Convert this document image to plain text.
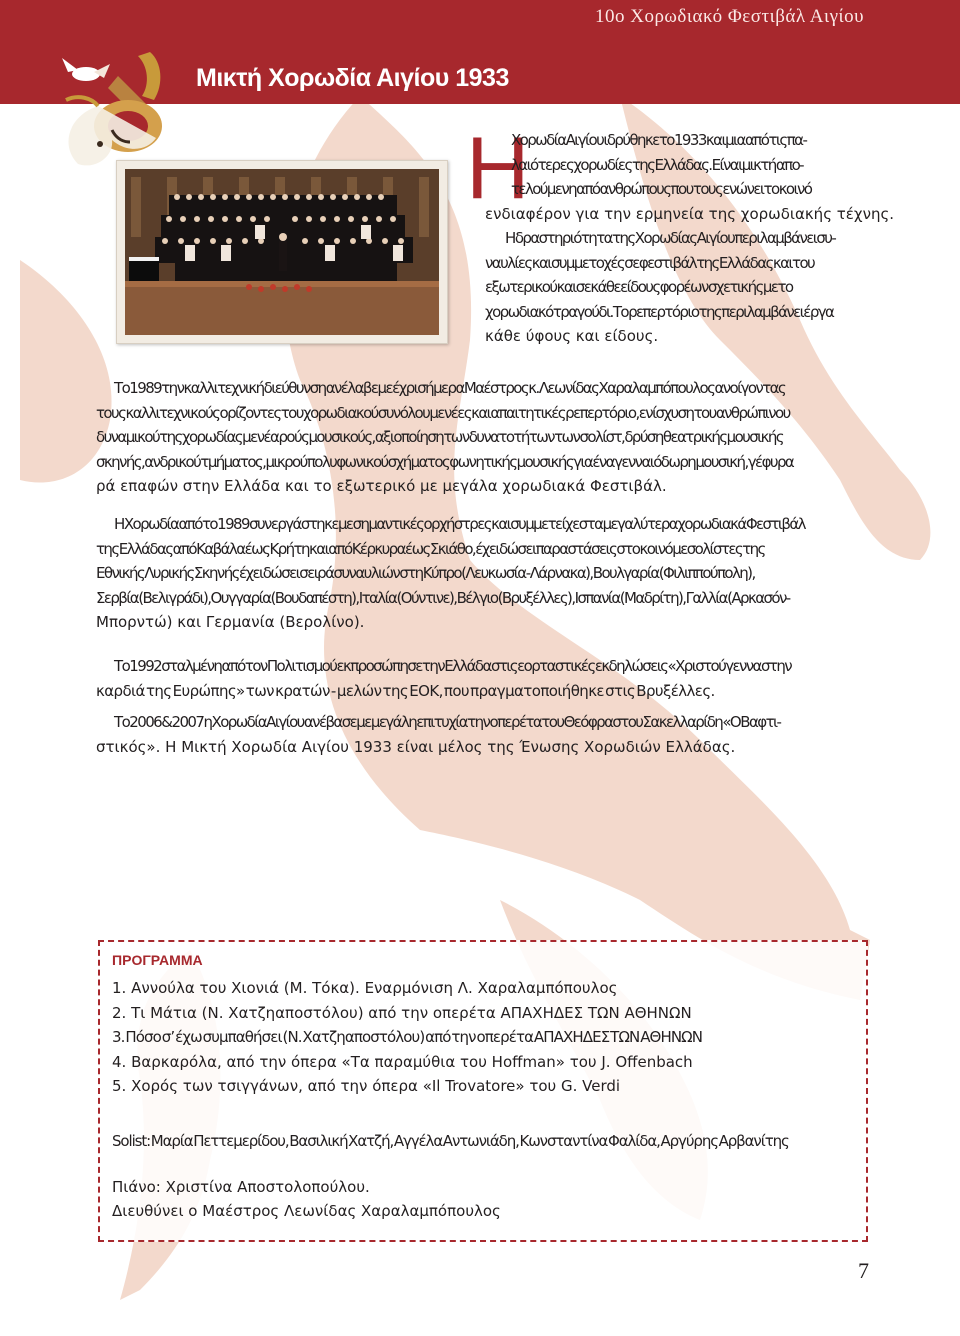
10ο Χορωδιακό Φεστιβάλ Αιγίου
Μικτή Χορωδία Αιγίου 1933
Η
Χορωδία Αιγίου ιδρύθηκε το 1933 και μια από τις πα-
λαιότερες χορωδίες της Ελλάδας. Είναι μικτή απο-
τελούμενη από ανθρώπους που τους ενώνει το κοινό
ενδιαφέρον για την ερμηνεία της χορωδιακής τέχνης.
Η δραστηριότητα της Χορωδίας Αιγίου περιλαμβάνει συ-
ναυλίες και συμμετοχές σε φεστιβάλ της Ελλάδας και του
εξωτερικού και σε κάθε είδους φορέων σχετικής με το
χορωδιακό τραγούδι. Το ρεπερτόριο της περιλαμβάνει έργα
κάθε ύφους και είδους.
Το 1989 την καλλιτεχνική διεύθυνση ανέλαβε με έχρι σήμερα Μαέστρος κ. Λεωνίδας Χαραλαμπόπουλος ανοίγοντας
τους καλλιτεχνικούς ορίζοντες του χορωδιακού συνόλου με νέες και απαιτητικές ρεπερτόριο, ενίσχυση του ανθρώπινου
δυναμικού της χορωδίας με νέα ρούς μουσικούς, αξιοποίηση των δυνατοτήτων των σολίστ, δρύση θεατρικής μουσικής
σκηνής, ανδρικού τμήματος, μικρού πολυφωνικού σχήματος φωνητικής μουσικής για ένα γενναιόδωρη μουσική, γέφυρα
ρά επαφών στην Ελλάδα και το εξωτερικό με μεγάλα χορωδιακά Φεστιβάλ.
Η Χορωδία από το 1989 συνεργάστηκε με σημαντικές ορχήστρες και συμμετείχε στα μεγαλύτερα χορωδιακά Φεστιβάλ
της Ελλάδας από Καβάλα έως Κρήτη και από Κέρκυρα έως Σκιάθο, έχει δώσει παραστάσεις στο κοινό μεσολίστες της
Εθνικής Λυρικής Σκηνής έχει δώσει σειρά συναυλιών στη Κύπρο (Λευκωσία - Λάρνακα), Βουλγαρία (Φιλιππούπολη),
Σερβία (Βελιγράδι), Ουγγαρία (Βουδαπέστη), Ιταλία (Ούντινε), Βέλγιο (Βρυξέλλες), Ισπανία (Μαδρίτη), Γαλλία (Αρκασόν-
Μπορντώ) και Γερμανία (Βερολίνο).
Το 1992 σταλμένη από τον Πολιτισμού εκπροσώπησε την Ελλάδα στις εορταστικές εκδηλώσεις «Χριστούγεννα στην
καρδιά της Ευρώπης» των κρατών - μελών της ΕΟΚ, που πραγματοποιήθηκε στις Βρυξέλλες.
Το 2006 & 2007 η Χορωδία Αιγίου ανέβασε με μεγάλη επιτυχία την οπερέτα του Θεόφραστου Σακελλαρίδη «Ο Βαφτι-
στικός». Η Μικτή Χορωδία Αιγίου 1933 είναι μέλος της Ένωσης Χορωδιών Ελλάδας.
ΠΡΟΓΡΑΜΜΑ
1. Αννούλα του Χιονιά (Μ. Τόκα). Εναρμόνιση Λ. Χαραλαμπόπουλος
2. Τι Μάτια (Ν. Χατζηαποστόλου) από την οπερέτα ΑΠΑΧΗΔΕΣ ΤΩΝ ΑΘΗΝΩΝ
3. Πόσο σ’ έχω συμπαθήσει (Ν. Χατζηαποστόλου) από την οπερέτα ΑΠΑΧΗΔΕΣ ΤΩΝ ΑΘΗΝΩΝ
4. Βαρκαρόλα, από την όπερα «Τα παραμύθια του Hoffman» του J. Offenbach
5. Χορός των τσιγγάνων, από την όπερα «Il Trovatore» του G. Verdi
Solist: Μαρία Πεττεμερίδου, Βασιλική Χατζή, Αγγέλα Αντωνιάδη, Κωνσταντίνα Φαλίδα, Αργύρης Αρβανίτης
Πιάνο: Χριστίνα Αποστολοπούλου.
Διευθύνει ο Μαέστρος Λεωνίδας Χαραλαμπόπουλος
7
